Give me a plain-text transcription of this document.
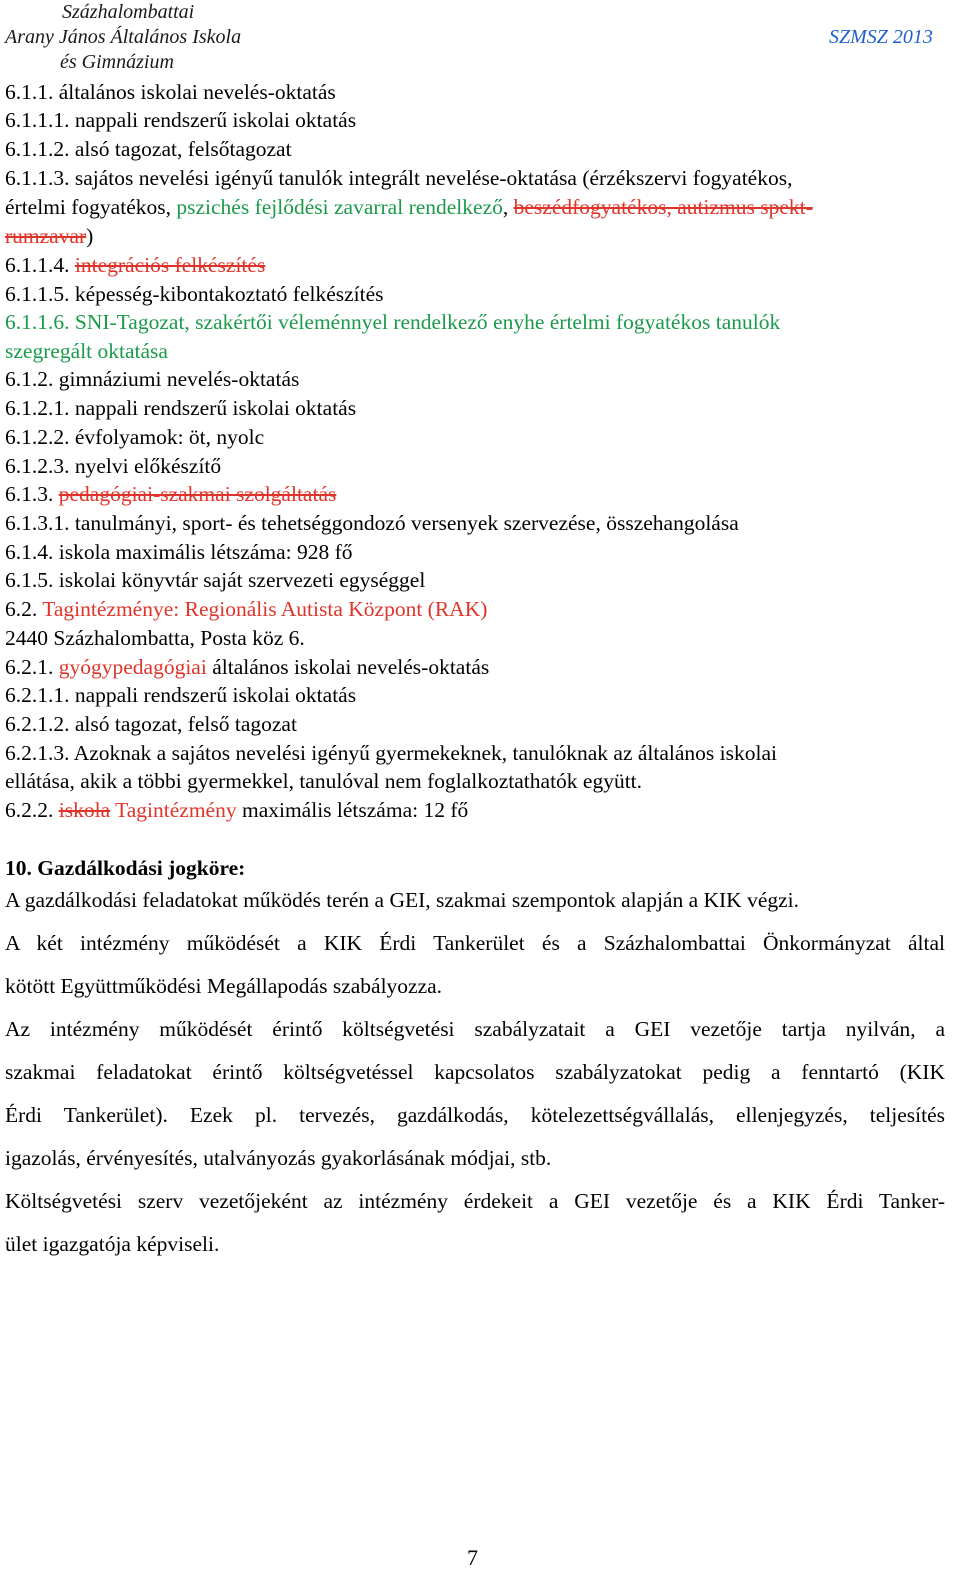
Százhalombattai
Arany János Általános Iskola
és Gimnázium
SZMSZ 2013
6.1.1. általános iskolai nevelés-oktatás
6.1.1.1. nappali rendszerű iskolai oktatás
6.1.1.2. alsó tagozat, felsőtagozat
6.1.1.3. sajátos nevelési igényű tanulók integrált nevelése-oktatása (érzékszervi fogyatékos,
értelmi fogyatékos, pszichés fejlődési zavarral rendelkező, beszédfogyatékos, autizmus spekt-
rumzavar)
6.1.1.4. integrációs felkészítés
6.1.1.5. képesség-kibontakoztató felkészítés
6.1.1.6. SNI-Tagozat, szakértői véleménnyel rendelkező enyhe értelmi fogyatékos tanulók
szegregált oktatása
6.1.2. gimnáziumi nevelés-oktatás
6.1.2.1. nappali rendszerű iskolai oktatás
6.1.2.2. évfolyamok: öt, nyolc
6.1.2.3. nyelvi előkészítő
6.1.3. pedagógiai-szakmai szolgáltatás
6.1.3.1. tanulmányi, sport- és tehetséggondozó versenyek szervezése, összehangolása
6.1.4. iskola maximális létszáma: 928 fő
6.1.5. iskolai könyvtár saját szervezeti egységgel
6.2. Tagintézménye: Regionális Autista Központ (RAK)
2440 Százhalombatta, Posta köz 6.
6.2.1. gyógypedagógiai általános iskolai nevelés-oktatás
6.2.1.1. nappali rendszerű iskolai oktatás
6.2.1.2. alsó tagozat, felső tagozat
6.2.1.3. Azoknak a sajátos nevelési igényű gyermekeknek, tanulóknak az általános iskolai
ellátása, akik a többi gyermekkel, tanulóval nem foglalkoztathatók együtt.
6.2.2. iskola Tagintézmény maximális létszáma: 12 fő
10. Gazdálkodási jogköre:
A gazdálkodási feladatokat működés terén a GEI, szakmai szempontok alapján a KIK végzi.
A két intézmény működését a KIK Érdi Tankerület és a Százhalombattai Önkormányzat által
kötött Együttműködési Megállapodás szabályozza.
Az intézmény működését érintő költségvetési szabályzatait a GEI vezetője tartja nyilván, a
szakmai feladatokat érintő költségvetéssel kapcsolatos szabályzatokat pedig a fenntartó (KIK
Érdi Tankerület). Ezek pl. tervezés, gazdálkodás, kötelezettségvállalás, ellenjegyzés, teljesítés
igazolás, érvényesítés, utalványozás gyakorlásának módjai, stb.
Költségvetési szerv vezetőjeként az intézmény érdekeit a GEI vezetője és a KIK Érdi Tanker-
ület igazgatója képviseli.
7
